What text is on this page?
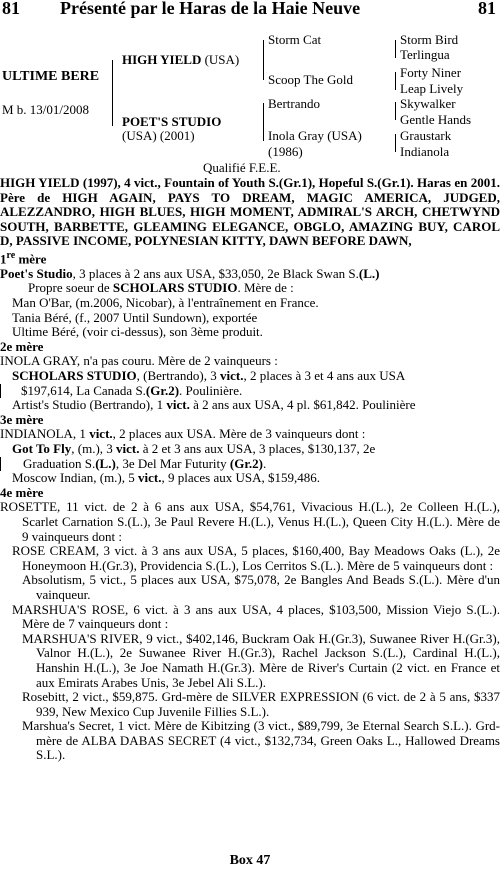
81 Présenté par le Haras de la Haie Neuve	81
ULTIME BERE
M b. 13/01/2008
HIGH YIELD (USA)
POET'S STUDIO
(USA) (2001)
Storm Cat
Scoop The Gold
Bertrando
Inola Gray (USA)
(1986)
Storm Bird
Terlingua
Forty Niner
Leap Lively
Skywalker
Gentle Hands
Graustark
Indianola
Qualifié F.E.E.

HIGH YIELD (1997), 4 vict., Fountain of Youth S.(Gr.1), Hopeful S.(Gr.1). Haras en 2001. Père de HIGH AGAIN, PAYS TO DREAM, MAGIC AMERICA, JUDGED, ALEZZANDRO, HIGH BLUES, HIGH MOMENT, ADMIRAL'S ARCH, CHETWYND SOUTH, BARBETTE, GLEAMING ELEGANCE, OBGLO, AMAZING BUY, CAROL D, PASSIVE INCOME, POLYNESIAN KITTY, DAWN BEFORE DAWN,

1re mère

Poet's Studio, 3 places à 2 ans aux USA, $33,050, 2e Black Swan S.(L.)

Propre soeur de SCHOLARS STUDIO. Mère de :

Man O'Bar, (m.2006, Nicobar), à l'entraînement en France.

Tania Béré, (f., 2007 Until Sundown), exportée

Ultime Béré, (voir ci-dessus), son 3ème produit.

2e mère

INOLA GRAY, n'a pas couru. Mère de 2 vainqueurs :

SCHOLARS STUDIO, (Bertrando), 3 vict., 2 places à 3 et 4 ans aux USA

$197,614, La Canada S.(Gr.2). Poulinière.

Artist's Studio (Bertrando), 1 vict. à 2 ans aux USA, 4 pl. $61,842. Poulinière

3e mère

INDIANOLA, 1 vict., 2 places aux USA. Mère de 3 vainqueurs dont :

Got To Fly, (m.), 3 vict. à 2 et 3 ans aux USA, 3 places, $130,137, 2e

Graduation S.(L.), 3e Del Mar Futurity (Gr.2).

Moscow Indian, (m.), 5 vict., 9 places aux USA, $159,486.

4e mère

ROSETTE, 11 vict. de 2 à 6 ans aux USA, $54,761, Vivacious H.(L.), 2e Colleen H.(L.), Scarlet Carnation S.(L.), 3e Paul Revere H.(L.), Venus H.(L.), Queen City H.(L.). Mère de 9 vainqueurs dont :

ROSE CREAM, 3 vict. à 3 ans aux USA, 5 places, $160,400, Bay Meadows Oaks (L.), 2e Honeymoon H.(Gr.3), Providencia S.(L.), Los Cerritos S.(L.). Mère de 5 vainqueurs dont :

Absolutism, 5 vict., 5 places aux USA, $75,078, 2e Bangles And Beads S.(L.). Mère d'un vainqueur.

MARSHUA'S ROSE, 6 vict. à 3 ans aux USA, 4 places, $103,500, Mission Viejo S.(L.). Mère de 7 vainqueurs dont :

MARSHUA'S RIVER, 9 vict., $402,146, Buckram Oak H.(Gr.3), Suwanee River H.(Gr.3), Valnor H.(L.), 2e Suwanee River H.(Gr.3), Rachel Jackson S.(L.), Cardinal H.(L.), Hanshin H.(L.), 3e Joe Namath H.(Gr.3). Mère de River's Curtain (2 vict. en France et aux Emirats Arabes Unis, 3e Jebel Ali S.L.).

Rosebitt, 2 vict., $59,875. Grd-mère de SILVER EXPRESSION (6 vict. de 2 à 5 ans, $337 939, New Mexico Cup Juvenile Fillies S.L.).

Marshua's Secret, 1 vict. Mère de Kibitzing (3 vict., $89,799, 3e Eternal Search S.L.). Grd-mère de ALBA DABAS SECRET (4 vict., $132,734, Green Oaks L., Hallowed Dreams S.L.).

Box 47
